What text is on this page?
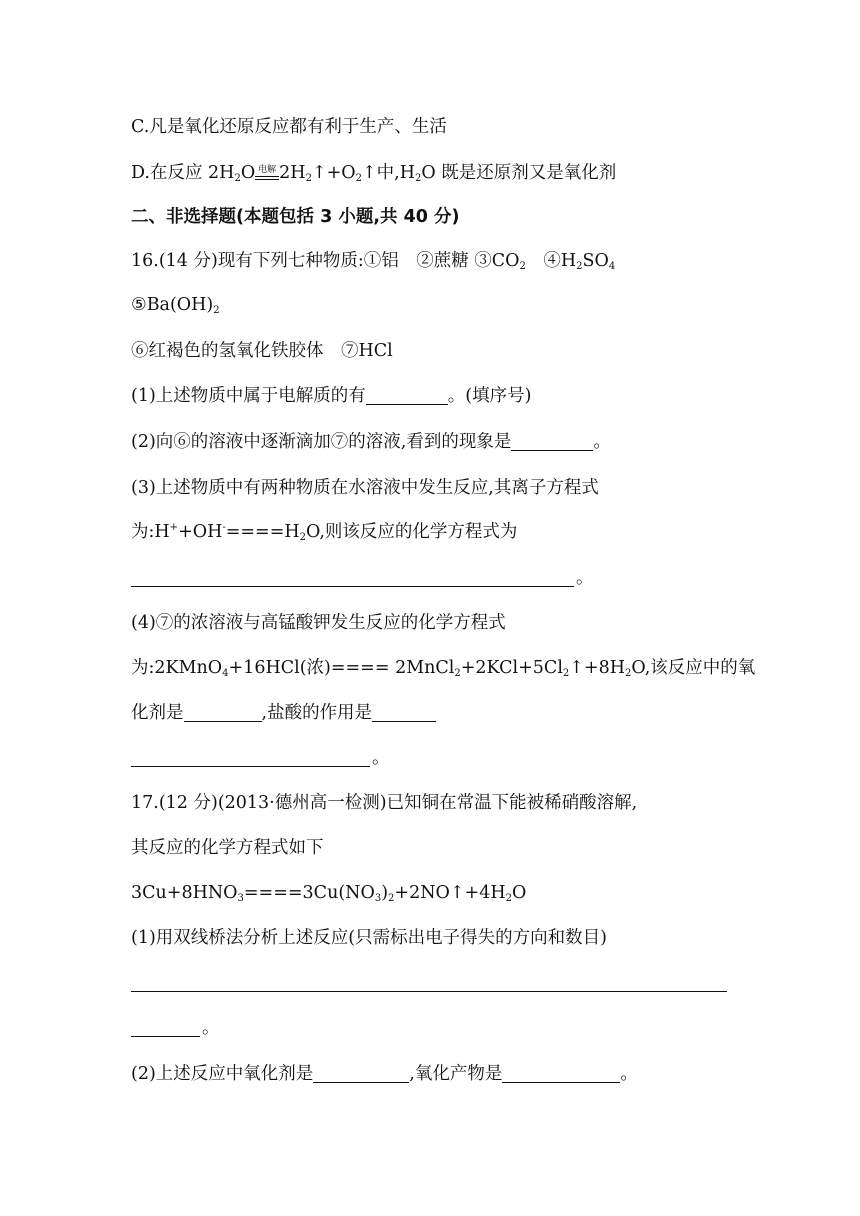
C.凡是氧化还原反应都有利于生产、生活
D.在反应 $2H_2O$ 电解 $2H_2↑+O_2↑$中$,H_2O$ 既是还原剂又是氧化剂
二、非选择题(本题包括 3 小题,共 40 分)
16.(14 分)现有下列七种物质:①铝　②蔗糖 $③CO_2$　$④H_2SO_4$
$⑤Ba(OH)_2$
⑥红褐色的氢氧化铁胶体　⑦HCl
(1)上述物质中属于电解质的有	。(填序号)
(2)向⑥的溶液中逐渐滴加⑦的溶液,看到的现象是	。
(3)上述物质中有两种物质在水溶液中发生反应,其离子方程式
为$:H^++OH^-====H_2O$,则该反应的化学方程式为
。
(4)⑦的浓溶液与高锰酸钾发生反应的化学方程式
为:2KMnO$_4$+16HCl(浓)==== $2MnCl_2+2KCl+5Cl_2↑+8H_2O$,该反应中的氧
化剂是	,盐酸的作用是
。
17.(12 分)(2013·德州高一检测)已知铜在常温下能被稀硝酸溶解,
其反应的化学方程式如下
$3Cu+8HNO_3====3Cu(NO_3)_2+2NO↑+4H_2O$
(1)用双线桥法分析上述反应(只需标出电子得失的方向和数目)
。
(2)上述反应中氧化剂是	,氧化产物是	。
